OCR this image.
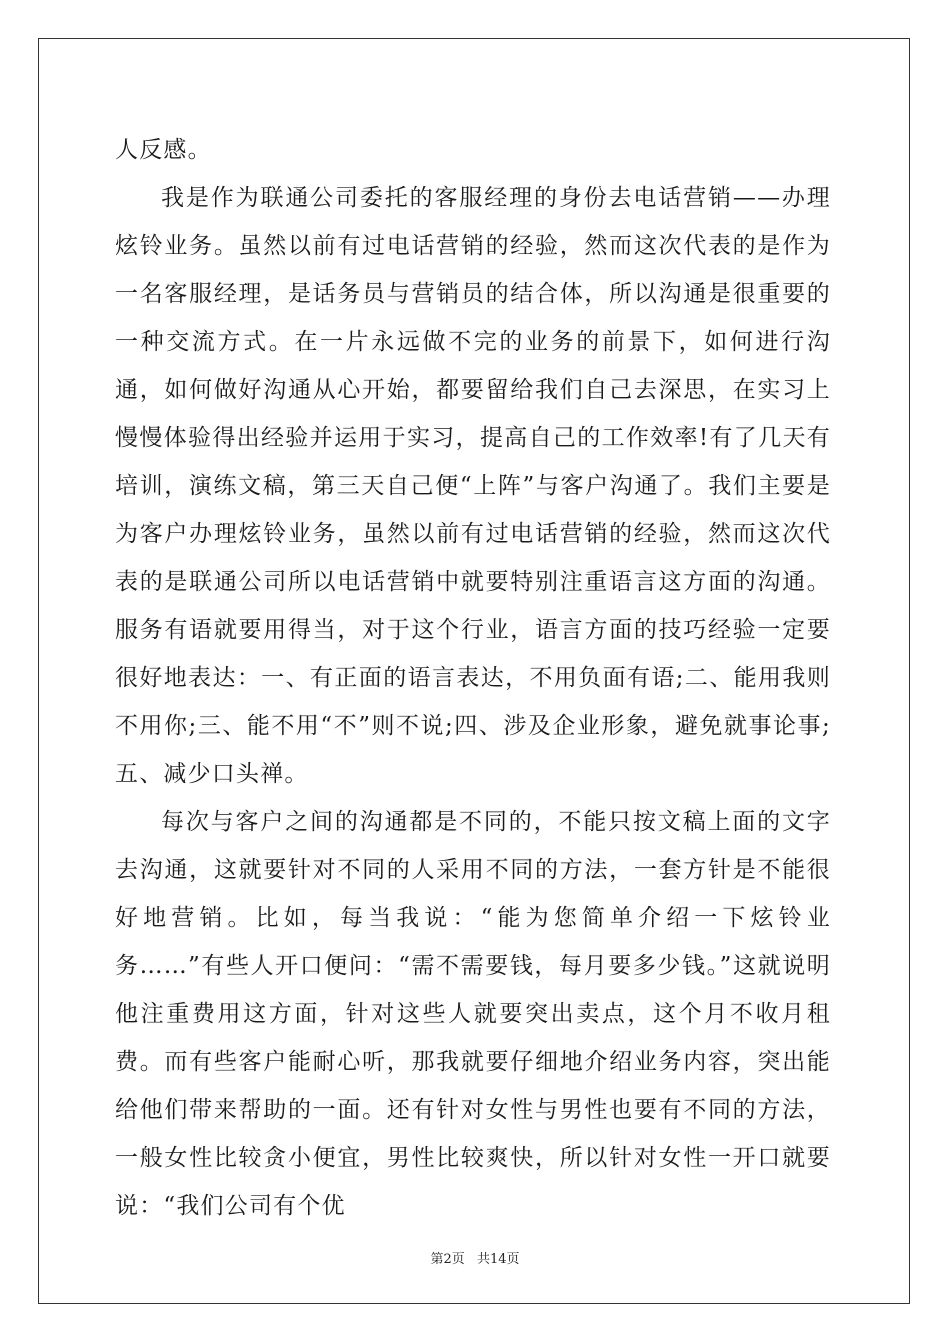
人反感。

我是作为联通公司委托的客服经理的身份去电话营销——办理炫铃业务。虽然以前有过电话营销的经验，然而这次代表的是作为一名客服经理，是话务员与营销员的结合体，所以沟通是很重要的一种交流方式。在一片永远做不完的业务的前景下，如何进行沟通，如何做好沟通从心开始，都要留给我们自己去深思，在实习上慢慢体验得出经验并运用于实习，提高自己的工作效率!有了几天有培训，演练文稿，第三天自己便“上阵”与客户沟通了。我们主要是为客户办理炫铃业务，虽然以前有过电话营销的经验，然而这次代表的是联通公司所以电话营销中就要特别注重语言这方面的沟通。服务有语就要用得当，对于这个行业，语言方面的技巧经验一定要很好地表达：一、有正面的语言表达，不用负面有语;二、能用我则不用你;三、能不用“不”则不说;四、涉及企业形象，避免就事论事;五、减少口头禅。

每次与客户之间的沟通都是不同的，不能只按文稿上面的文字去沟通，这就要针对不同的人采用不同的方法，一套方针是不能很好地营销。比如，每当我说：“能为您简单介绍一下炫铃业务……”有些人开口便问：“需不需要钱，每月要多少钱。”这就说明他注重费用这方面，针对这些人就要突出卖点，这个月不收月租费。而有些客户能耐心听，那我就要仔细地介绍业务内容，突出能给他们带来帮助的一面。还有针对女性与男性也要有不同的方法，一般女性比较贪小便宜，男性比较爽快，所以针对女性一开口就要说：“我们公司有个优

第2页 共14页
